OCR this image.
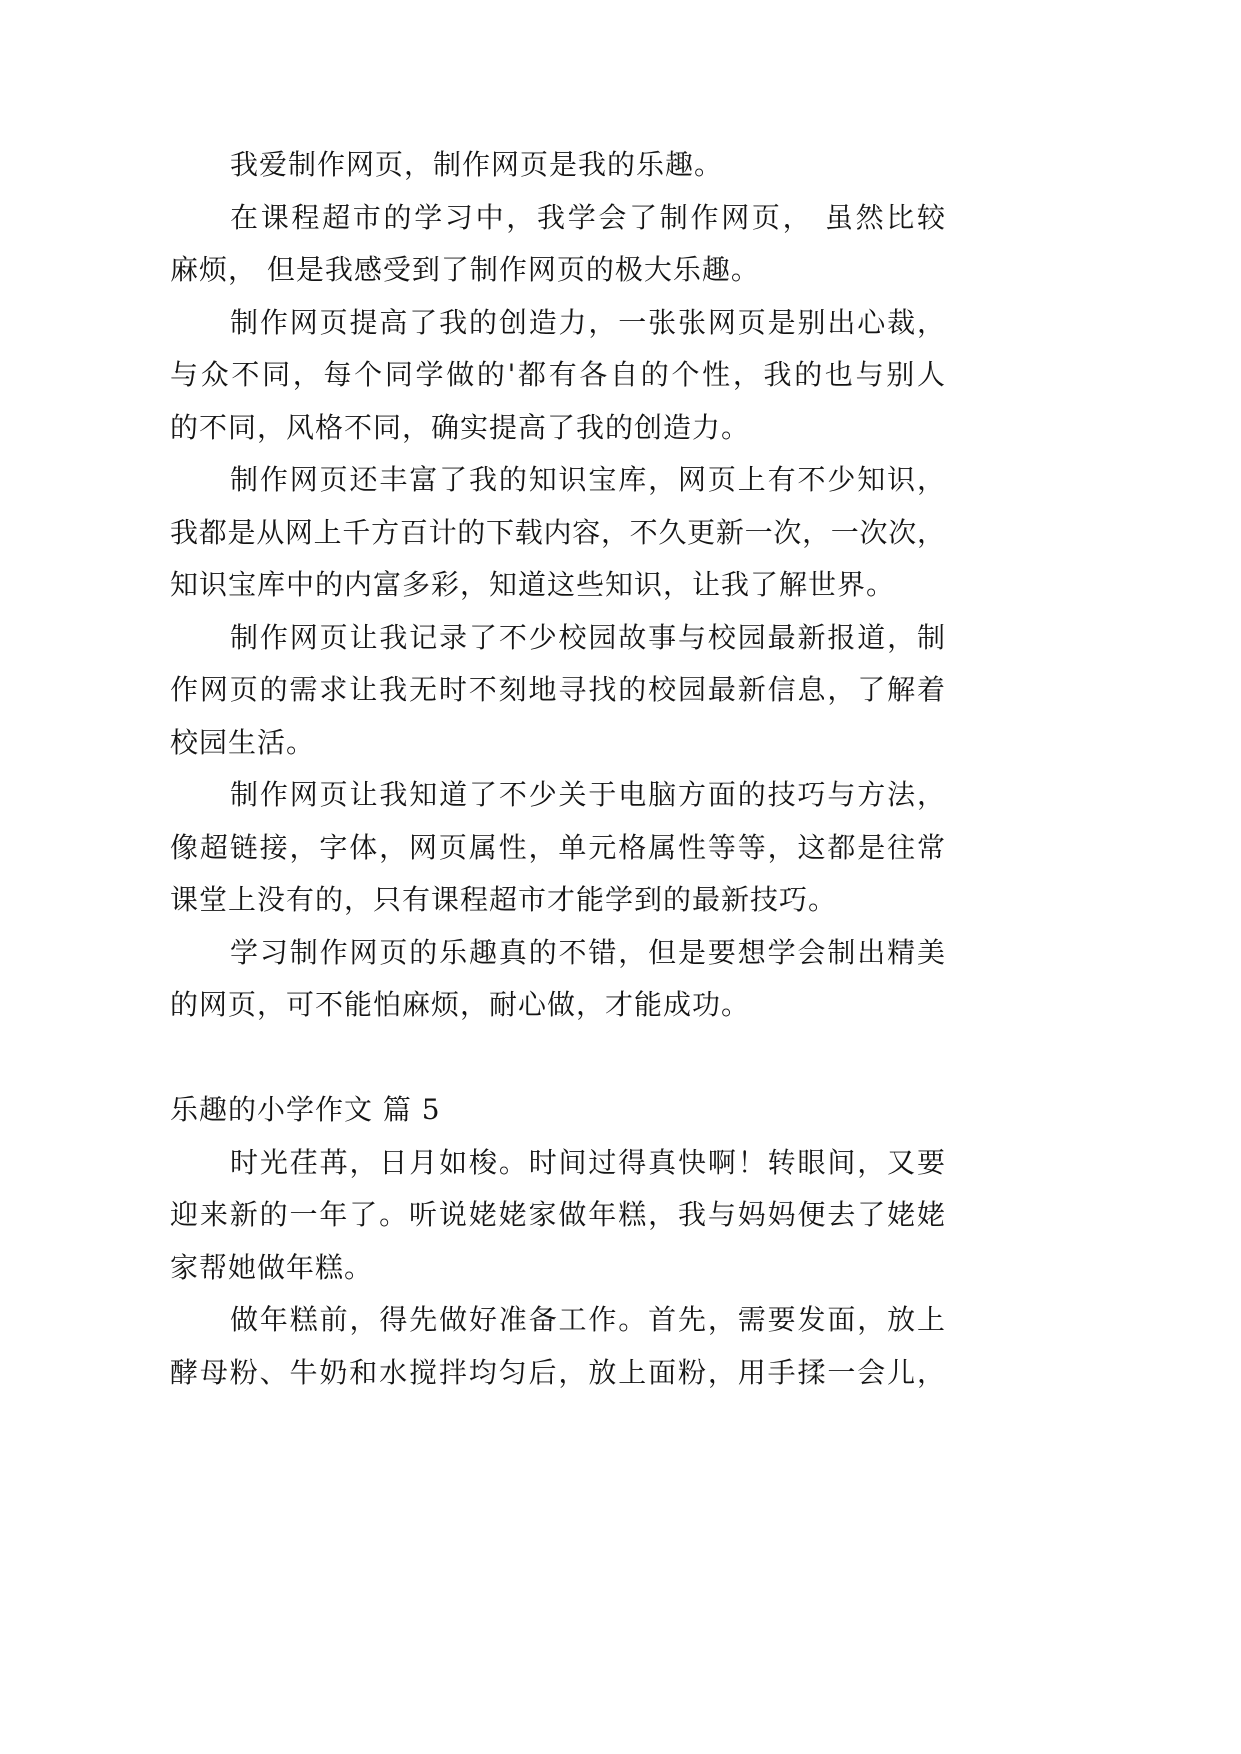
我爱制作网页，制作网页是我的乐趣。
在课程超市的学习中，我学会了制作网页， 虽然比较
麻烦， 但是我感受到了制作网页的极大乐趣。
制作网页提高了我的创造力，一张张网页是别出心裁，
与众不同，每个同学做的'都有各自的个性，我的也与别人
的不同，风格不同，确实提高了我的创造力。
制作网页还丰富了我的知识宝库，网页上有不少知识，
我都是从网上千方百计的下载内容，不久更新一次，一次次，
知识宝库中的内富多彩，知道这些知识，让我了解世界。
制作网页让我记录了不少校园故事与校园最新报道，制
作网页的需求让我无时不刻地寻找的校园最新信息，了解着
校园生活。
制作网页让我知道了不少关于电脑方面的技巧与方法，
像超链接，字体，网页属性，单元格属性等等，这都是往常
课堂上没有的，只有课程超市才能学到的最新技巧。
学习制作网页的乐趣真的不错，但是要想学会制出精美
的网页，可不能怕麻烦，耐心做，才能成功。
乐趣的小学作文 篇 5
时光荏苒，日月如梭。时间过得真快啊！转眼间，又要
迎来新的一年了。听说姥姥家做年糕，我与妈妈便去了姥姥
家帮她做年糕。
做年糕前，得先做好准备工作。首先，需要发面，放上
酵母粉、牛奶和水搅拌均匀后，放上面粉，用手揉一会儿，
